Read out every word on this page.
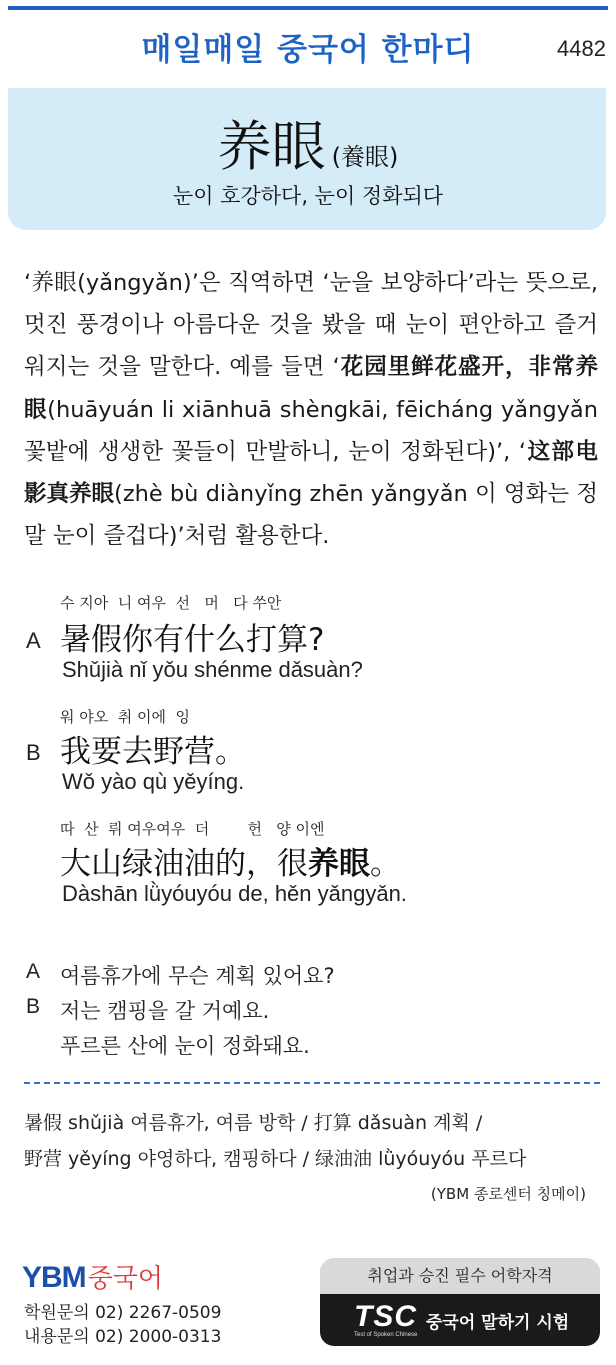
매일매일 중국어 한마디	4482
养眼 (養眼)
눈이 호강하다, 눈이 정화되다
‘养眼(yǎngyǎn)’은 직역하면 ‘눈을 보양하다’라는 뜻으로, 멋진 풍경이나 아름다운 것을 봤을 때 눈이 편안하고 즐거워지는 것을 말한다. 예를 들면 ‘花园里鲜花盛开，非常养眼(huāyuán li xiānhuā shèngkāi, fēicháng yǎngyǎn 꽃밭에 생생한 꽃들이 만발하니, 눈이 정화된다)’, ‘这部电影真养眼(zhè bù diànyǐng zhēn yǎngyǎn 이 영화는 정말 눈이 즐겁다)’처럼 활용한다.
수 지아  니 여우  선   머   다 쑤안
A 暑假你有什么打算?
Shǔjià nǐ yǒu shénme dǎsuàn?
워 야오  취 이에  잉
B 我要去野营。
Wǒ yào qù yěyíng.
따  산  뤼 여우여우  더        헌   양 이엔
大山绿油油的，很养眼。
Dàshān lǜyóuyóu de, hěn yǎngyǎn.
A 여름휴가에 무슨 계획 있어요?
B 저는 캠핑을 갈 거예요.
푸르른 산에 눈이 정화돼요.
暑假 shǔjià 여름휴가, 여름 방학 / 打算 dǎsuàn 계획 /
野营 yěyíng 야영하다, 캠핑하다 / 绿油油 lǜyóuyóu 푸르다
(YBM 종로센터 칭메이)
YBM중국어
학원문의 02) 2267-0509
내용문의 02) 2000-0313
취업과 승진 필수 어학자격
TSC
Test of Spoken Chinese
중국어 말하기 시험
